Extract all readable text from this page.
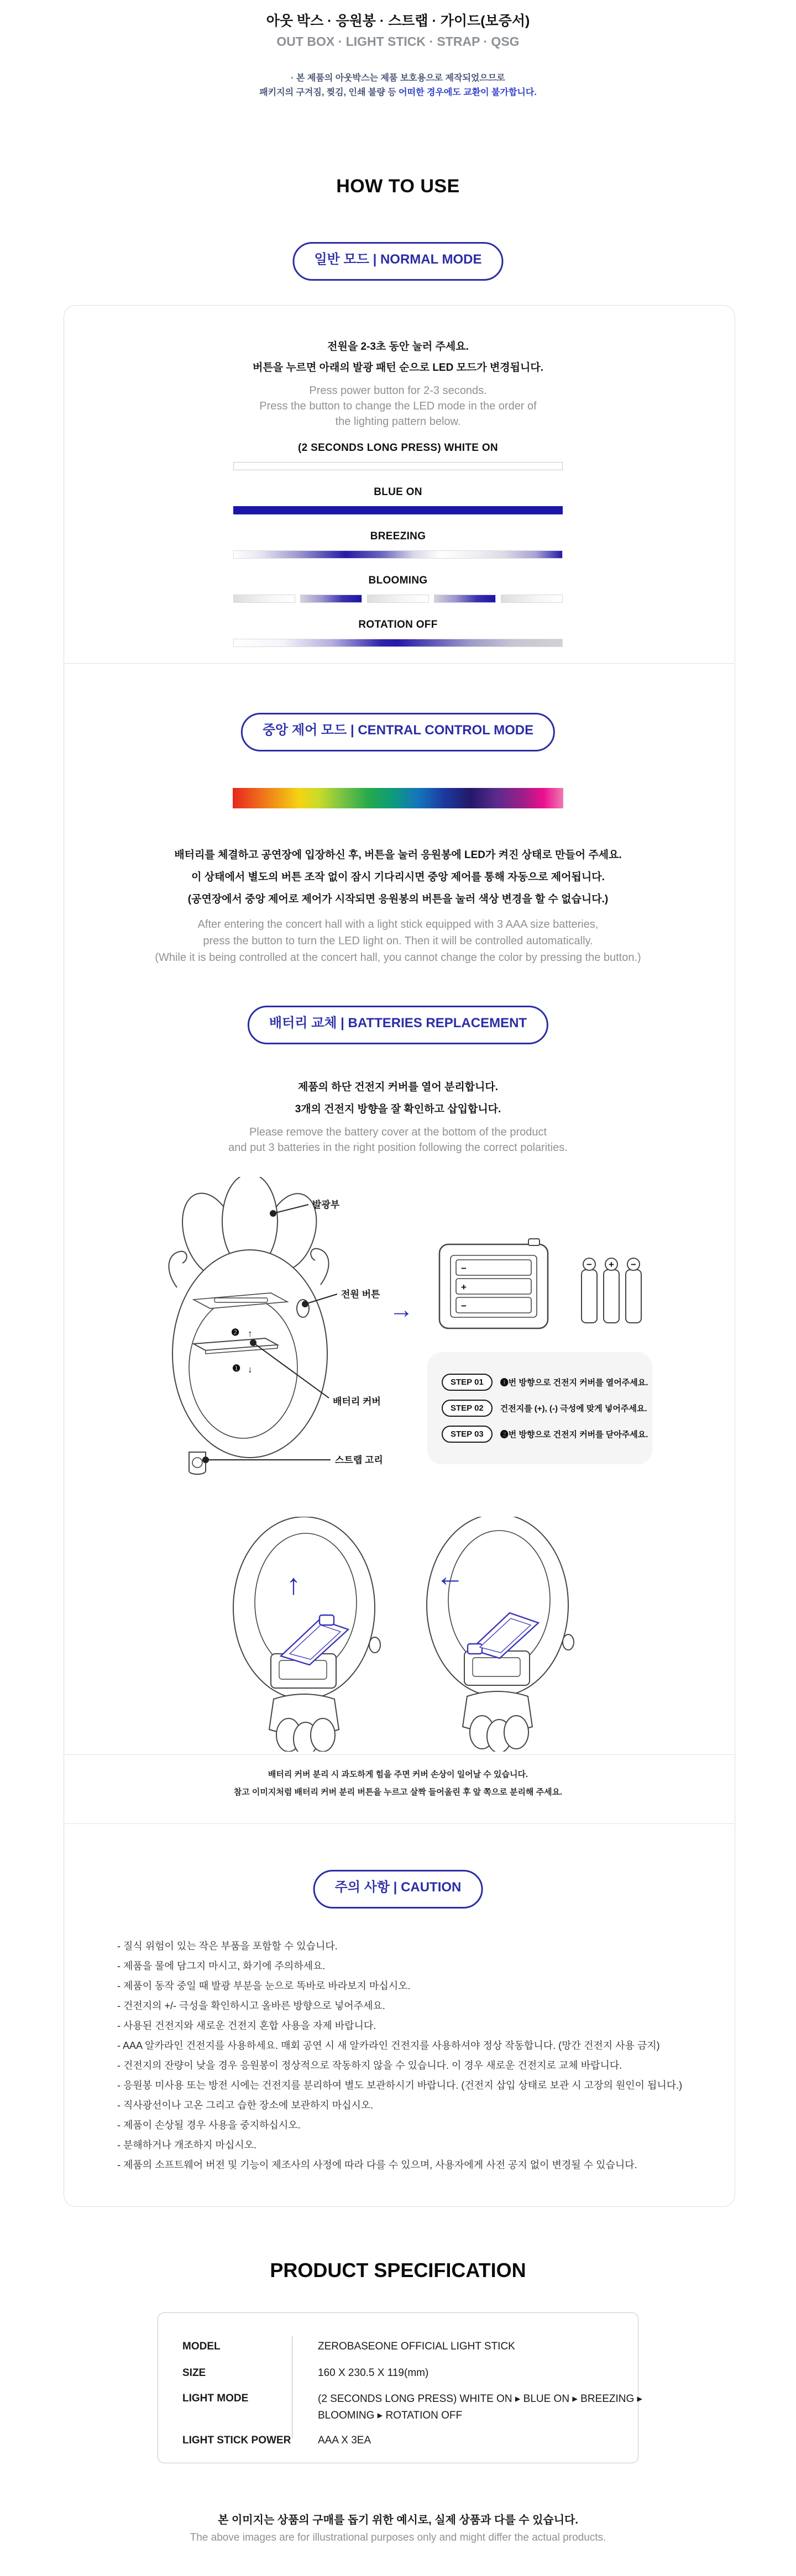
아웃 박스 · 응원봉 · 스트랩 · 가이드(보증서)
OUT BOX · LIGHT STICK · STRAP · QSG
· 본 제품의 아웃박스는 제품 보호용으로 제작되었으므로
패키지의 구겨짐, 찢김, 인쇄 불량 등 어떠한 경우에도 교환이 불가합니다.
HOW TO USE
일반 모드 | NORMAL MODE
전원을 2-3초 동안 눌러 주세요.
버튼을 누르면 아래의 발광 패턴 순으로 LED 모드가 변경됩니다.
Press power button for 2-3 seconds.
Press the button to change the LED mode in the order of
the lighting pattern below.
(2 SECONDS LONG PRESS) WHITE ON
BLUE ON
BREEZING
BLOOMING
ROTATION OFF
중앙 제어 모드 | CENTRAL CONTROL MODE
배터리를 체결하고 공연장에 입장하신 후, 버튼을 눌러 응원봉에 LED가 켜진 상태로 만들어 주세요.
이 상태에서 별도의 버튼 조작 없이 잠시 기다리시면 중앙 제어를 통해 자동으로 제어됩니다.
(공연장에서 중앙 제어로 제어가 시작되면 응원봉의 버튼을 눌러 색상 변경을 할 수 없습니다.)
After entering the concert hall with a light stick equipped with 3 AAA size batteries,
press the button to turn the LED light on. Then it will be controlled automatically.
(While it is being controlled at the concert hall, you cannot change the color by pressing the button.)
배터리 교체 | BATTERIES REPLACEMENT
제품의 하단 건전지 커버를 열어 분리합니다.
3개의 건전지 방향을 잘 확인하고 삽입합니다.
Please remove the battery cover at the bottom of the product
and put 3 batteries in the right position following the correct polarities.
❷ ↑
❶ ↓
발광부
전원 버튼
배터리 커버
스트랩 고리
→
−
+
−
− + −
STEP 01	❶번 방향으로 건전지 커버를 열어주세요.
STEP 02	건전지를 (+), (-) 극성에 맞게 넣어주세요.
STEP 03	❷번 방향으로 건전지 커버를 닫아주세요.
↑	←
배터리 커버 분리 시 과도하게 힘을 주면 커버 손상이 일어날 수 있습니다.
참고 이미지처럼 배터리 커버 분리 버튼을 누르고 살짝 들어올린 후 앞 쪽으로 분리해 주세요.
주의 사항 | CAUTION
- 질식 위험이 있는 작은 부품을 포함할 수 있습니다.
- 제품을 물에 담그지 마시고, 화기에 주의하세요.
- 제품이 동작 중일 때 발광 부분을 눈으로 똑바로 바라보지 마십시오.
- 건전지의 +/- 극성을 확인하시고 올바른 방향으로 넣어주세요.
- 사용된 건전지와 새로운 건전지 혼합 사용을 자제 바랍니다.
- AAA 알카라인 건전지를 사용하세요. 매회 공연 시 새 알카라인 건전지를 사용하셔야 정상 작동합니다. (망간 건전지 사용 금지)
- 건전지의 잔량이 낮을 경우 응원봉이 정상적으로 작동하지 않을 수 있습니다. 이 경우 새로운 건전지로 교체 바랍니다.
- 응원봉 미사용 또는 방전 시에는 건전지를 분리하여 별도 보관하시기 바랍니다. (건전지 삽입 상태로 보관 시 고장의 원인이 됩니다.)
- 직사광선이나 고온 그리고 습한 장소에 보관하지 마십시오.
- 제품이 손상될 경우 사용을 중지하십시오.
- 분해하거나 개조하지 마십시오.
- 제품의 소프트웨어 버전 및 기능이 제조사의 사정에 따라 다를 수 있으며, 사용자에게 사전 공지 없이 변경될 수 있습니다.
PRODUCT SPECIFICATION
MODEL	ZEROBASEONE OFFICIAL LIGHT STICK
SIZE	160 X 230.5 X 119(mm)
LIGHT MODE	(2 SECONDS LONG PRESS) WHITE ON ▸ BLUE ON ▸ BREEZING ▸
BLOOMING ▸ ROTATION OFF
LIGHT STICK POWER	AAA X 3EA
본 이미지는 상품의 구매를 돕기 위한 예시로, 실제 상품과 다를 수 있습니다.
The above images are for illustrational purposes only and might differ the actual products.
